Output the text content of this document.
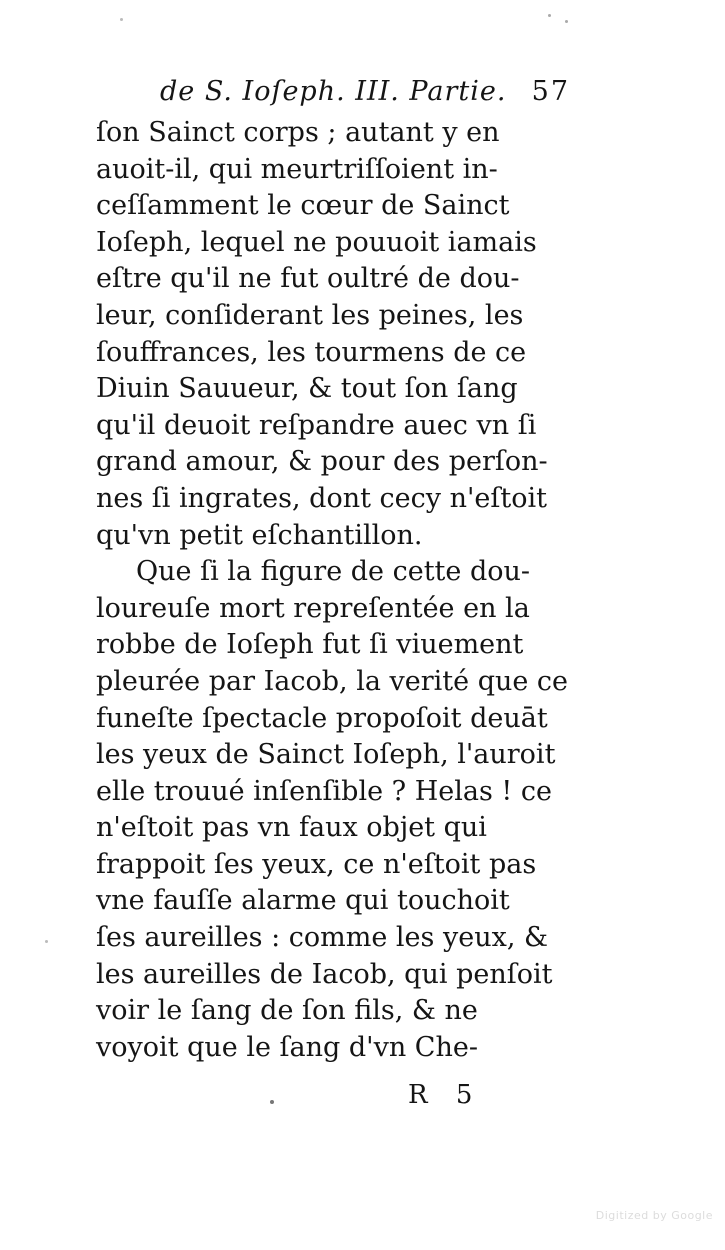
de S. Ioſeph. III. Partie. 57
ſon Sainct corps ; autant y en
auoit-il, qui meurtriſſoient in-
ceſſamment le cœur de Sainct
Ioſeph, lequel ne pouuoit iamais
eſtre qu'il ne fut oultré de dou-
leur, conſiderant les peines, les
ſouffrances, les tourmens de ce
Diuin Sauueur, & tout ſon ſang
qu'il deuoit reſpandre auec vn ſi
grand amour, & pour des perſon-
nes ſi ingrates, dont cecy n'eſtoit
qu'vn petit eſchantillon.
Que ſi la figure de cette dou-
loureuſe mort repreſentée en la
robbe de Ioſeph fut ſi viuement
pleurée par Iacob, la verité que ce
funeſte ſpectacle propoſoit deuāt
les yeux de Sainct Ioſeph, l'auroit
elle trouué inſenſible ? Helas ! ce
n'eſtoit pas vn faux objet qui
frappoit ſes yeux, ce n'eſtoit pas
vne fauſſe alarme qui touchoit
ſes aureilles : comme les yeux, &
les aureilles de Iacob, qui penſoit
voir le ſang de ſon fils, & ne
voyoit que le ſang d'vn Che-
R 5
Digitized by Google
